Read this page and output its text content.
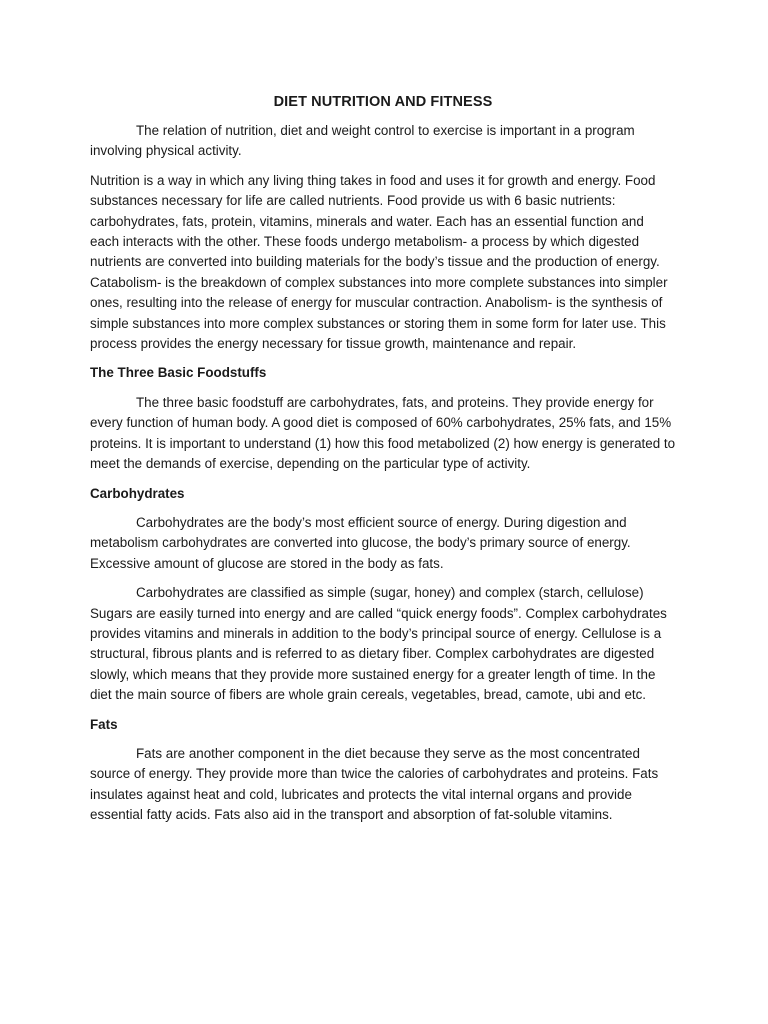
DIET NUTRITION AND FITNESS

The relation of nutrition, diet and weight control to exercise is important in a program involving physical activity.

Nutrition is a way in which any living thing takes in food and uses it for growth and energy. Food substances necessary for life are called nutrients. Food provide us with 6 basic nutrients: carbohydrates, fats, protein, vitamins, minerals and water. Each has an essential function and each interacts with the other. These foods undergo metabolism- a process by which digested nutrients are converted into building materials for the body’s tissue and the production of energy. Catabolism- is the breakdown of complex substances into more complete substances into simpler ones, resulting into the release of energy for muscular contraction. Anabolism- is the synthesis of simple substances into more complex substances or storing them in some form for later use. This process provides the energy necessary for tissue growth, maintenance and repair.

The Three Basic Foodstuffs

The three basic foodstuff are carbohydrates, fats, and proteins. They provide energy for every function of human body. A good diet is composed of 60% carbohydrates, 25% fats, and 15% proteins. It is important to understand (1) how this food metabolized (2) how energy is generated to meet the demands of exercise, depending on the particular type of activity.

Carbohydrates

Carbohydrates are the body’s most efficient source of energy. During digestion and metabolism carbohydrates are converted into glucose, the body’s primary source of energy. Excessive amount of glucose are stored in the body as fats.

Carbohydrates are classified as simple (sugar, honey) and complex (starch, cellulose) Sugars are easily turned into energy and are called “quick energy foods”. Complex carbohydrates provides vitamins and minerals in addition to the body’s principal source of energy. Cellulose is a structural, fibrous plants and is referred to as dietary fiber. Complex carbohydrates are digested slowly, which means that they provide more sustained energy for a greater length of time. In the diet the main source of fibers are whole grain cereals, vegetables, bread, camote, ubi and etc.

Fats

Fats are another component in the diet because they serve as the most concentrated source of energy. They provide more than twice the calories of carbohydrates and proteins. Fats insulates against heat and cold, lubricates and protects the vital internal organs and provide essential fatty acids. Fats also aid in the transport and absorption of fat-soluble vitamins.
